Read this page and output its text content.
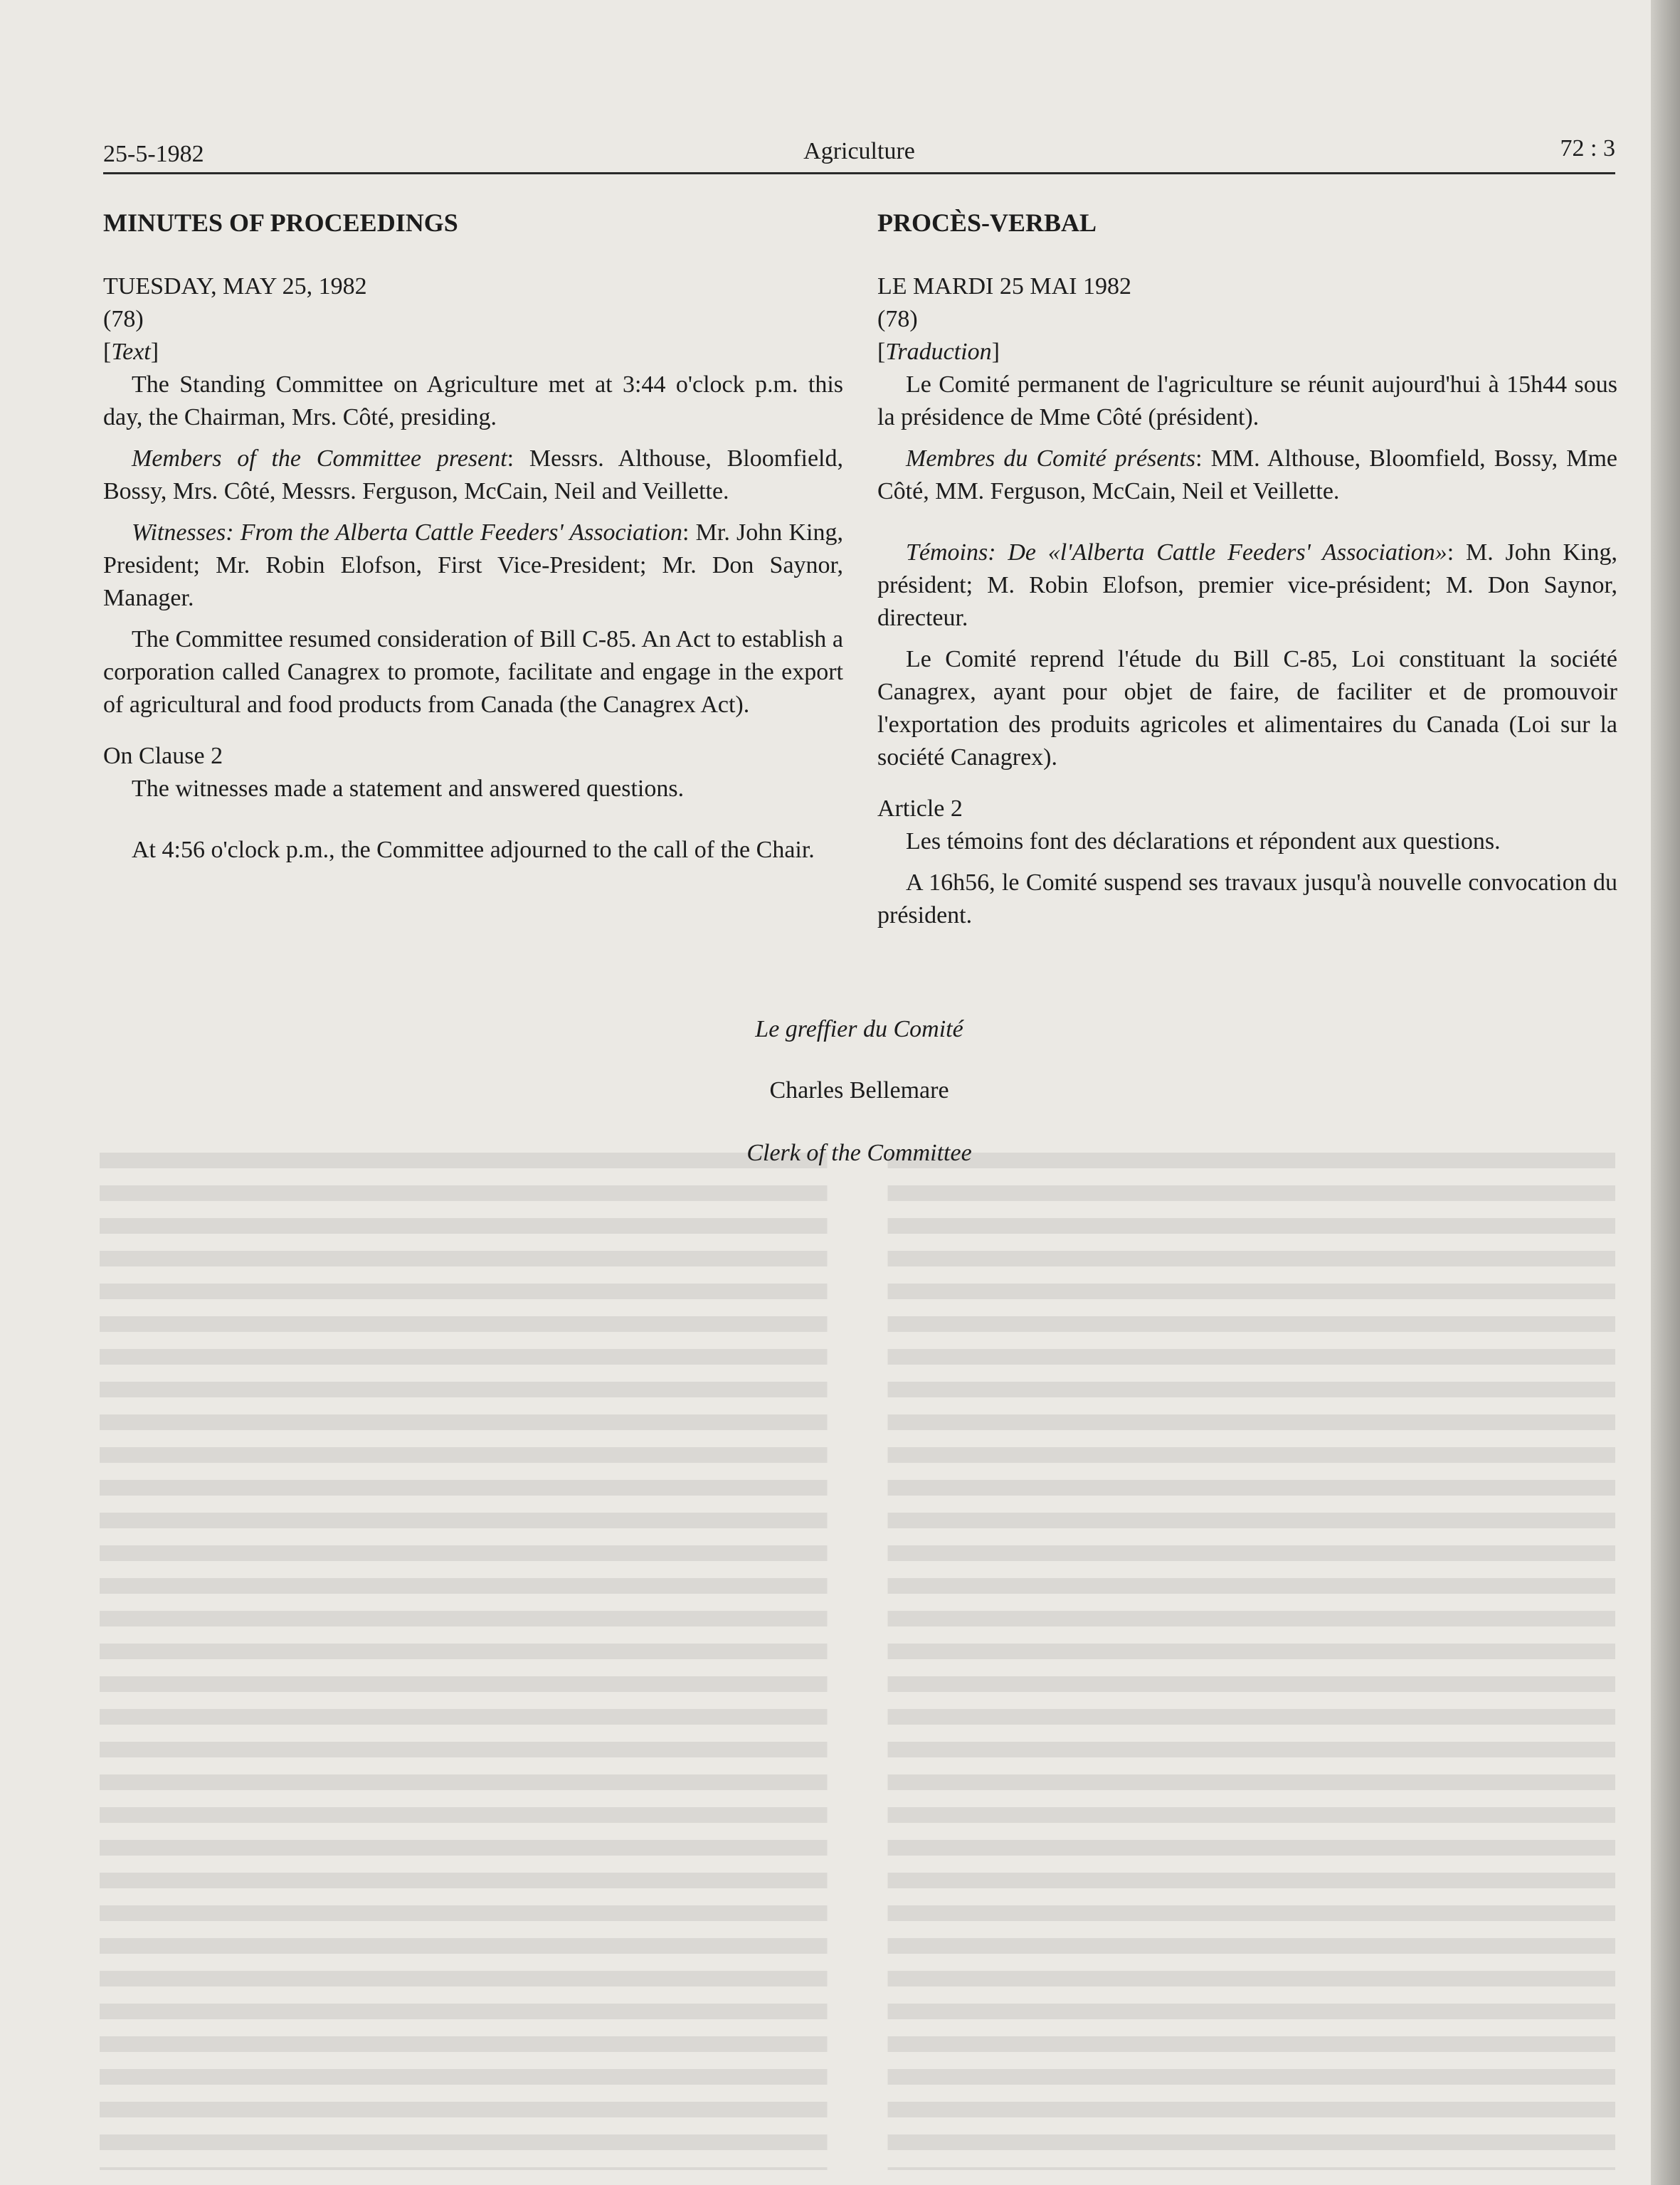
25-5-1982	Agriculture	72 : 3
MINUTES OF PROCEEDINGS

TUESDAY, MAY 25, 1982

(78)

[Text]

The Standing Committee on Agriculture met at 3:44 o'clock p.m. this day, the Chairman, Mrs. Côté, presiding.

Members of the Committee present: Messrs. Althouse, Bloomfield, Bossy, Mrs. Côté, Messrs. Ferguson, McCain, Neil and Veillette.

Witnesses: From the Alberta Cattle Feeders' Association: Mr. John King, President; Mr. Robin Elofson, First Vice-President; Mr. Don Saynor, Manager.

The Committee resumed consideration of Bill C-85. An Act to establish a corporation called Canagrex to promote, facilitate and engage in the export of agricultural and food products from Canada (the Canagrex Act).

On Clause 2

The witnesses made a statement and answered questions.

At 4:56 o'clock p.m., the Committee adjourned to the call of the Chair.

PROCÈS-VERBAL

LE MARDI 25 MAI 1982

(78)

[Traduction]

Le Comité permanent de l'agriculture se réunit aujourd'hui à 15h44 sous la présidence de Mme Côté (président).

Membres du Comité présents: MM. Althouse, Bloomfield, Bossy, Mme Côté, MM. Ferguson, McCain, Neil et Veillette.

Témoins: De «l'Alberta Cattle Feeders' Association»: M. John King, président; M. Robin Elofson, premier vice-président; M. Don Saynor, directeur.

Le Comité reprend l'étude du Bill C-85, Loi constituant la société Canagrex, ayant pour objet de faire, de faciliter et de promouvoir l'exportation des produits agricoles et alimentaires du Canada (Loi sur la société Canagrex).

Article 2

Les témoins font des déclarations et répondent aux questions.

A 16h56, le Comité suspend ses travaux jusqu'à nouvelle convocation du président.

Le greffier du Comité
Charles Bellemare
Clerk of the Committee
